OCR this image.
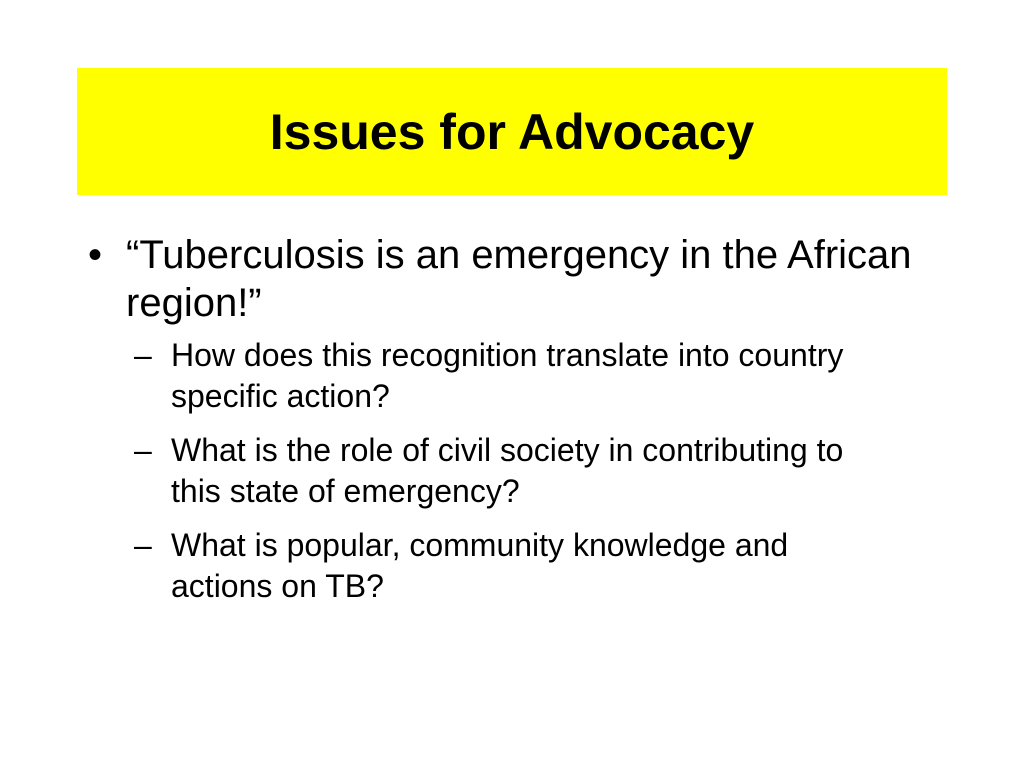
Issues for Advocacy

• “Tuberculosis is an emergency in the African region!”

– How does this recognition translate into country specific action?

– What is the role of civil society in contributing to this state of emergency?

– What is popular, community knowledge and actions on TB?
